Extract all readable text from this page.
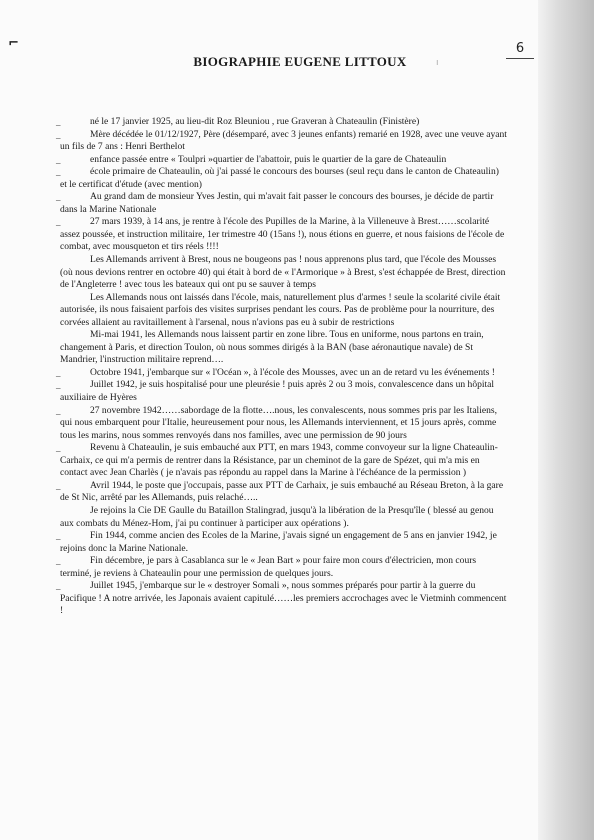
⌐
ı
6
BIOGRAPHIE EUGENE LITTOUX

_	né le 17 janvier 1925, au lieu-dit Roz Bleuniou , rue Graveran à Chateaulin (Finistère)

_	Mère décédée le 01/12/1927, Père (désemparé, avec 3 jeunes enfants) remarié en 1928, avec une veuve ayant un fils de 7 ans : Henri Berthelot

_	enfance passée entre « Toulpri »quartier de l'abattoir, puis le quartier de la gare de Chateaulin

_	école primaire de Chateaulin, où j'ai passé le concours des bourses (seul reçu dans le canton de Chateaulin) et le certificat d'étude (avec mention)

_	Au grand dam de monsieur Yves Jestin, qui m'avait fait passer le concours des bourses, je décide de partir dans la Marine Nationale

_	27 mars 1939, à 14 ans, je rentre à l'école des Pupilles de la Marine, à la Villeneuve à Brest……scolarité assez poussée, et instruction militaire, 1er trimestre 40 (15ans !), nous étions en guerre, et nous faisions de l'école de combat, avec mousqueton et tirs réels !!!!

Les Allemands arrivent à Brest, nous ne bougeons pas ! nous apprenons plus tard, que l'école des Mousses (où nous devions rentrer en octobre 40) qui était à bord de « l'Armorique » à Brest, s'est échappée de Brest, direction de l'Angleterre ! avec tous les bateaux qui ont pu se sauver à temps

Les Allemands nous ont laissés dans l'école, mais, naturellement plus d'armes ! seule la scolarité civile était autorisée, ils nous faisaient parfois des visites surprises pendant les cours. Pas de problème pour la nourriture, des corvées allaient au ravitaillement à l'arsenal, nous n'avions pas eu à subir de restrictions

Mi-mai 1941, les Allemands nous laissent partir en zone libre. Tous en uniforme, nous partons en train, changement à Paris, et direction Toulon, où nous sommes dirigés à la BAN (base aéronautique navale) de St Mandrier, l'instruction militaire reprend….

_	Octobre 1941, j'embarque sur « l'Océan », à l'école des Mousses, avec un an de retard vu les événements !

_	Juillet 1942, je suis hospitalisé pour une pleurésie ! puis après 2 ou 3 mois, convalescence dans un hôpital auxiliaire de Hyères

_	27 novembre 1942……sabordage de la flotte….nous, les convalescents, nous sommes pris par les Italiens, qui nous embarquent pour l'Italie, heureusement pour nous, les Allemands interviennent, et 15 jours après, comme tous les marins, nous sommes renvoyés dans nos familles, avec une permission de 90 jours

_	Revenu à Chateaulin, je suis embauché aux PTT, en mars 1943, comme convoyeur sur la ligne Chateaulin-Carhaix, ce qui m'a permis de rentrer dans la Résistance, par un cheminot de la gare de Spézet, qui m'a mis en contact avec Jean Charlès ( je n'avais pas répondu au rappel dans la Marine à l'échéance de la permission )

_	Avril 1944, le poste que j'occupais, passe aux PTT de Carhaix, je suis embauché au Réseau Breton, à la gare de St Nic, arrêté par les Allemands, puis relaché…..

Je rejoins la Cie DE Gaulle du Bataillon Stalingrad, jusqu'à la libération de la Presqu'île ( blessé au genou aux combats du Ménez-Hom, j'ai pu continuer à participer aux opérations ).

_	Fin 1944, comme ancien des Ecoles de la Marine, j'avais signé un engagement de 5 ans en janvier 1942, je rejoins donc la Marine Nationale.

_	Fin décembre, je pars à Casablanca sur le « Jean Bart » pour faire mon cours d'électricien, mon cours terminé, je reviens à Chateaulin pour une permission de quelques jours.

_	Juillet 1945, j'embarque sur le « destroyer Somali », nous sommes préparés pour partir à la guerre du Pacifique ! A notre arrivée, les Japonais avaient capitulé……les premiers accrochages avec le Vietminh commencent !
